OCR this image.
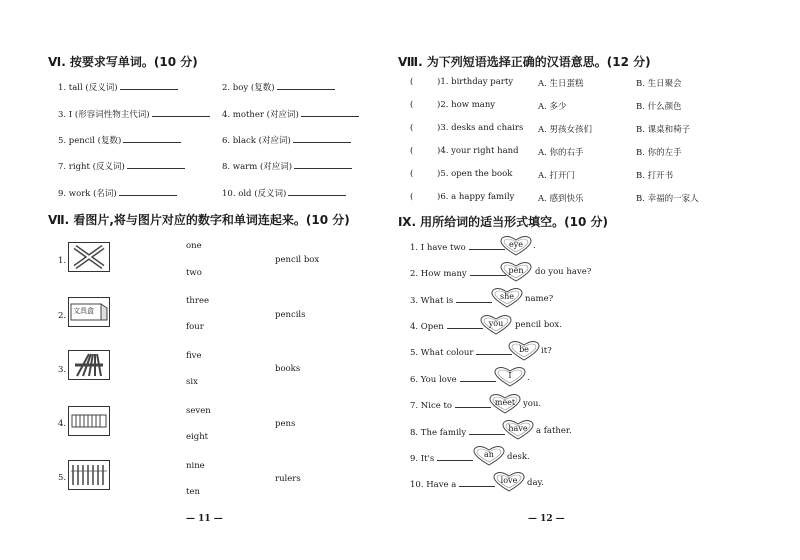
Ⅵ. 按要求写单词。(10 分)
1. tall (反义词)	2. boy (复数)
3. I (形容词性物主代词)	4. mother (对应词)
5. pencil (复数)	6. black (对应词)
7. right (反义词)	8. warm (对应词)
9. work (名词)	10. old (反义词)
Ⅶ. 看图片,将与图片对应的数字和单词连起来。(10 分)
1.
one
two
pencil box
2. 文具盒
three
four
pencils
3.
five
six
books
4.
seven
eight
pens
5.
nine
ten
rulers
— 11 —
Ⅷ. 为下列短语选择正确的汉语意思。(12 分)
(	)1. birthday party	A. 生日蛋糕	B. 生日聚会
(	)2. how many	A. 多少	B. 什么颜色
(	)3. desks and chairs A. 男孩女孩们	B. 课桌和椅子
(	)4. your right hand A. 你的右手	B. 你的左手
(	)5. open the book	A. 打开门	B. 打开书
(	)6. a happy family	A. 感到快乐	B. 幸福的一家人
Ⅸ. 用所给词的适当形式填空。(10 分)
1. I have two	eye	.
2. How many	pen	do you have?
3. What is	she	name?
4. Open	you	pencil box.
5. What colour	be	it?
6. You love	I	.
7. Nice to	meet you.
8. The family	have a father.
9. It's	an	desk.
10. Have a	love	day.
— 12 —
